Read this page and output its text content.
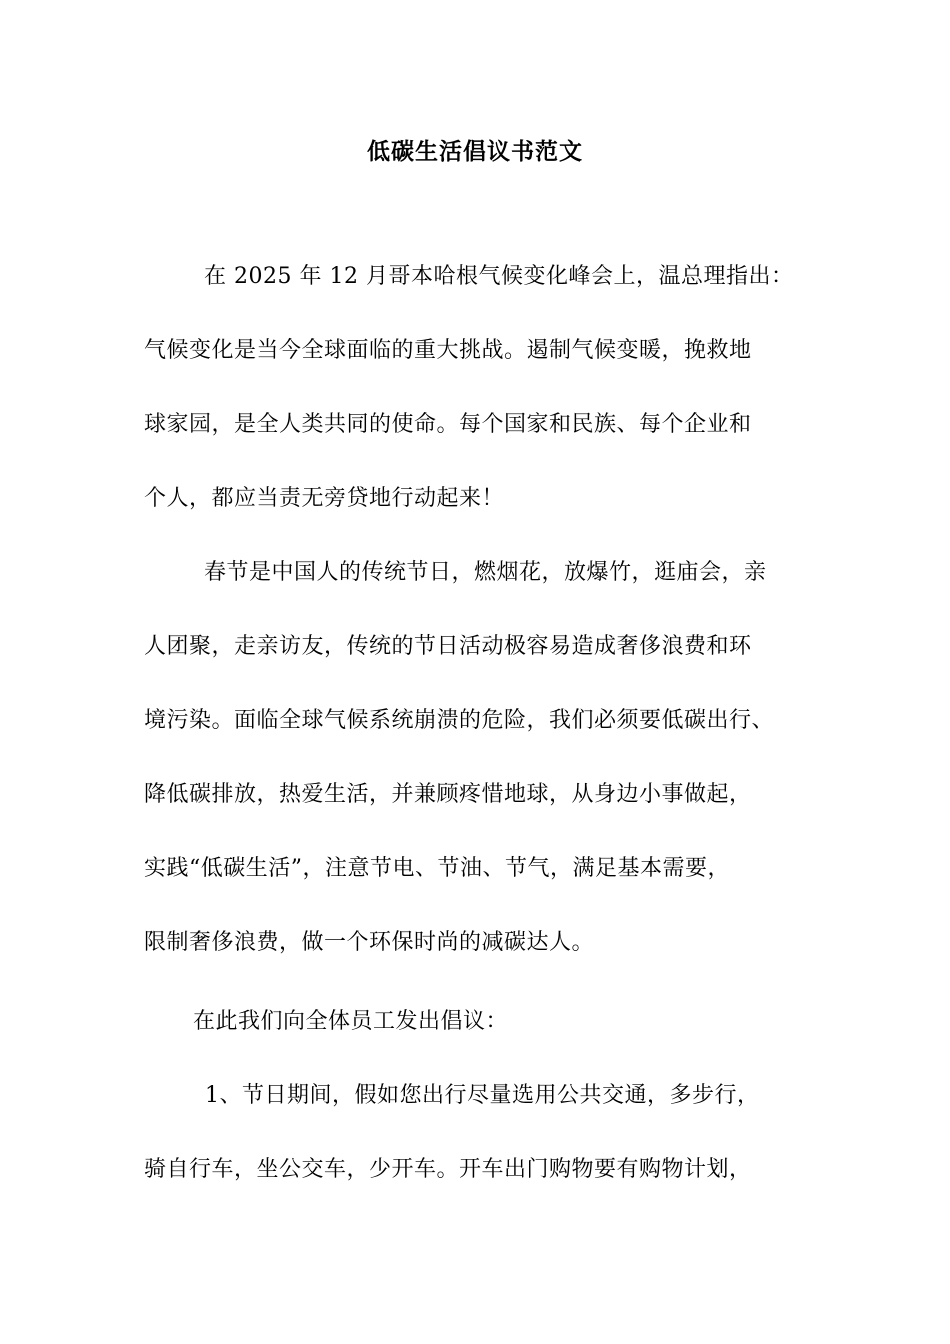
低碳生活倡议书范文
在 2025 年 12 月哥本哈根气候变化峰会上，温总理指出：
气候变化是当今全球面临的重大挑战。遏制气候变暖，挽救地
球家园，是全人类共同的使命。每个国家和民族、每个企业和
个人，都应当责无旁贷地行动起来！
春节是中国人的传统节日，燃烟花，放爆竹，逛庙会，亲
人团聚，走亲访友，传统的节日活动极容易造成奢侈浪费和环
境污染。面临全球气候系统崩溃的危险，我们必须要低碳出行、
降低碳排放，热爱生活，并兼顾疼惜地球，从身边小事做起，
实践“低碳生活”，注意节电、节油、节气，满足基本需要，
限制奢侈浪费，做一个环保时尚的减碳达人。
在此我们向全体员工发出倡议：
1、节日期间，假如您出行尽量选用公共交通，多步行，
骑自行车，坐公交车，少开车。开车出门购物要有购物计划，
